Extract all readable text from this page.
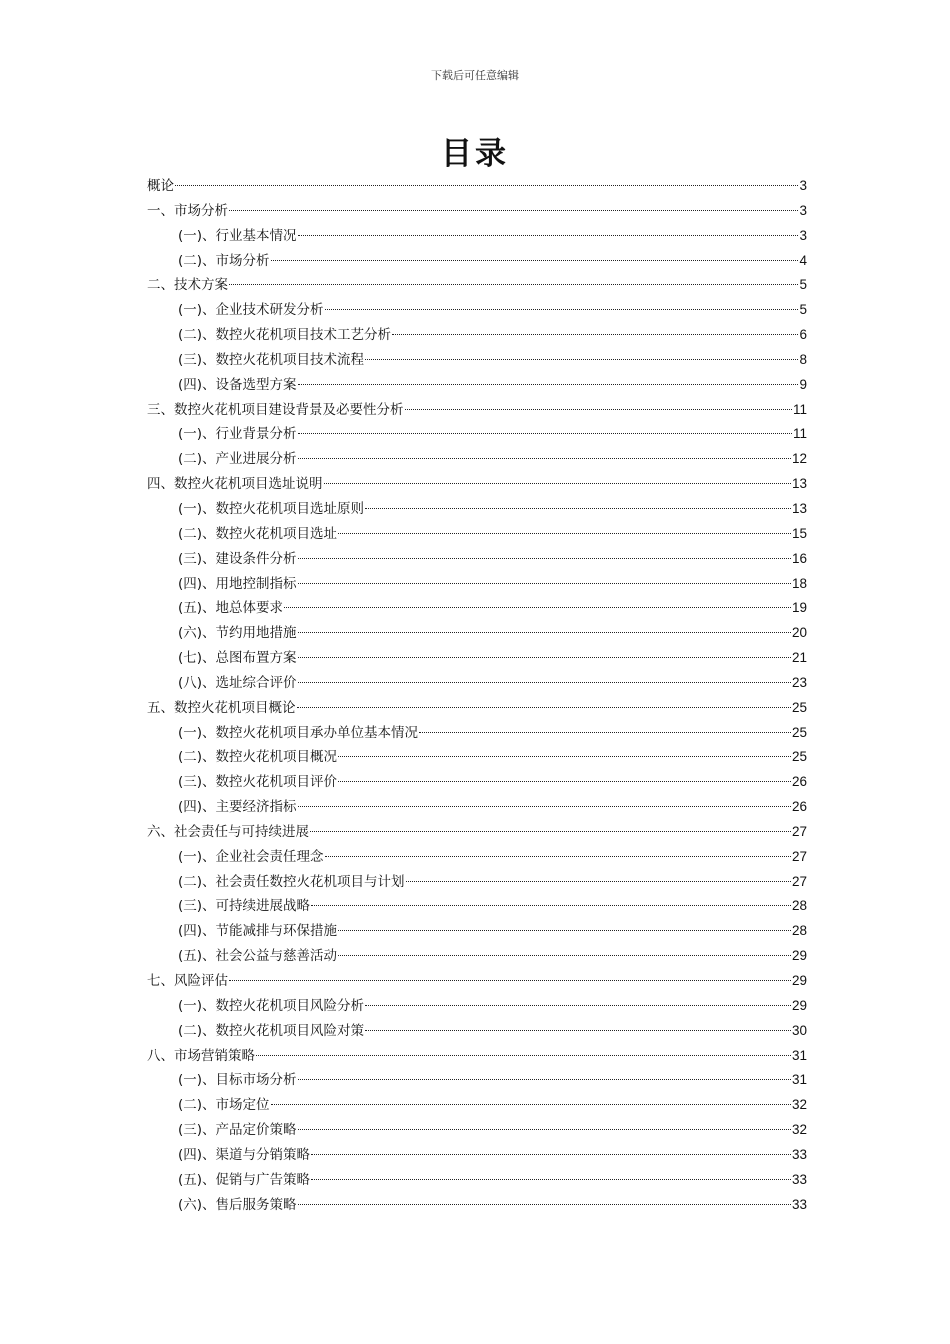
下载后可任意编辑
目录
概论	3
一、市场分析	3
(一)、行业基本情况	3
(二)、市场分析	4
二、技术方案	5
(一)、企业技术研发分析	5
(二)、数控火花机项目技术工艺分析	6
(三)、数控火花机项目技术流程	8
(四)、设备选型方案	9
三、数控火花机项目建设背景及必要性分析	11
(一)、行业背景分析	11
(二)、产业进展分析	12
四、数控火花机项目选址说明	13
(一)、数控火花机项目选址原则	13
(二)、数控火花机项目选址	15
(三)、建设条件分析	16
(四)、用地控制指标	18
(五)、地总体要求	19
(六)、节约用地措施	20
(七)、总图布置方案	21
(八)、选址综合评价	23
五、数控火花机项目概论	25
(一)、数控火花机项目承办单位基本情况	25
(二)、数控火花机项目概况	25
(三)、数控火花机项目评价	26
(四)、主要经济指标	26
六、社会责任与可持续进展	27
(一)、企业社会责任理念	27
(二)、社会责任数控火花机项目与计划	27
(三)、可持续进展战略	28
(四)、节能减排与环保措施	28
(五)、社会公益与慈善活动	29
七、风险评估	29
(一)、数控火花机项目风险分析	29
(二)、数控火花机项目风险对策	30
八、市场营销策略	31
(一)、目标市场分析	31
(二)、市场定位	32
(三)、产品定价策略	32
(四)、渠道与分销策略	33
(五)、促销与广告策略	33
(六)、售后服务策略	33
